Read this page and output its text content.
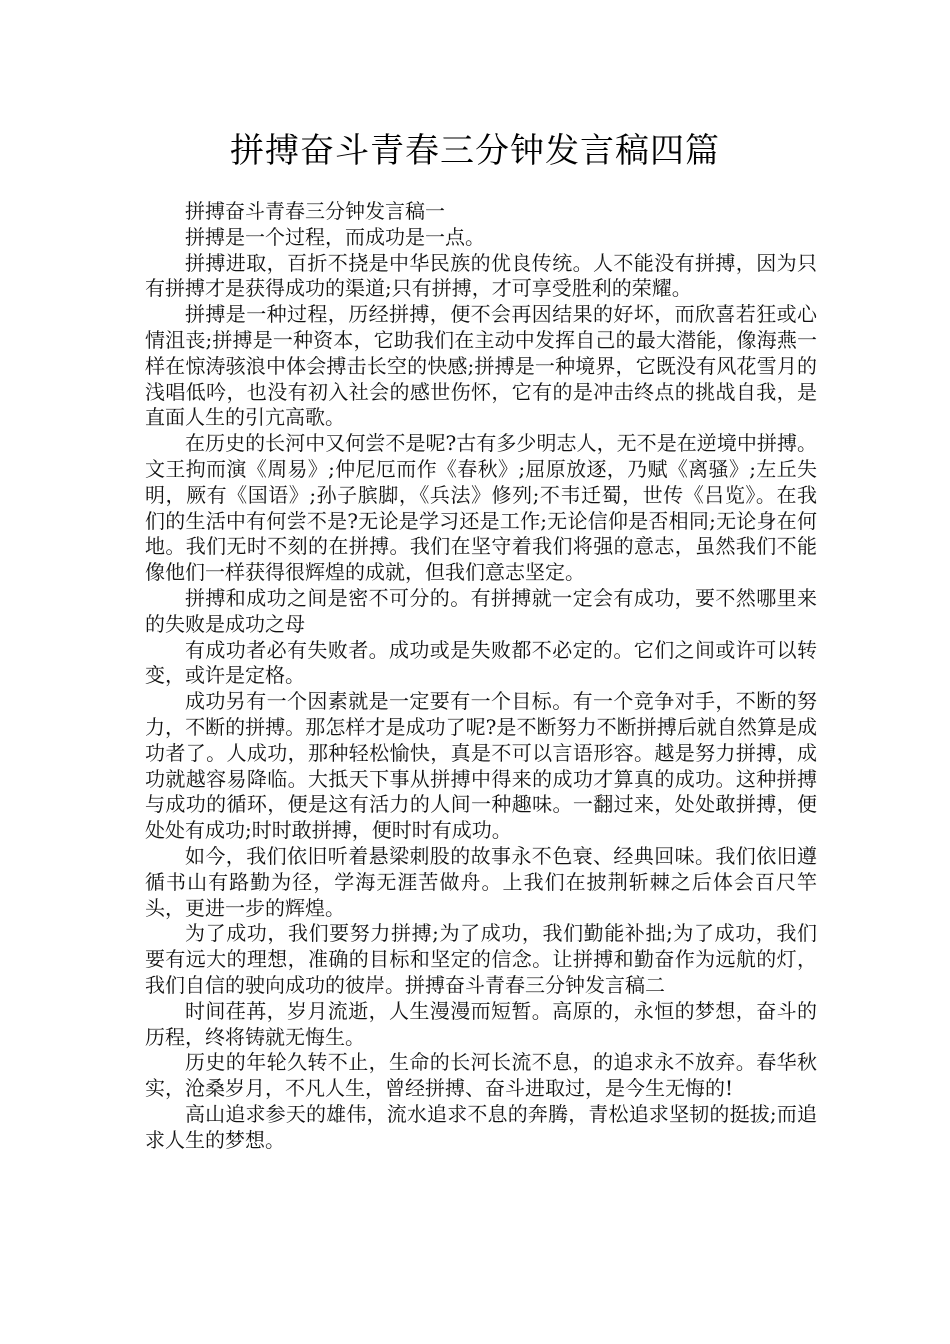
拼搏奋斗青春三分钟发言稿四篇

拼搏奋斗青春三分钟发言稿一

拼搏是一个过程，而成功是一点。

拼搏进取，百折不挠是中华民族的优良传统。人不能没有拼搏，因为只有拼搏才是获得成功的渠道;只有拼搏，才可享受胜利的荣耀。

拼搏是一种过程，历经拼搏，便不会再因结果的好坏，而欣喜若狂或心情沮丧;拼搏是一种资本，它助我们在主动中发挥自己的最大潜能，像海燕一样在惊涛骇浪中体会搏击长空的快感;拼搏是一种境界，它既没有风花雪月的浅唱低吟，也没有初入社会的感世伤怀，它有的是冲击终点的挑战自我，是直面人生的引亢高歌。

在历史的长河中又何尝不是呢?古有多少明志人，无不是在逆境中拼搏。文王拘而演《周易》;仲尼厄而作《春秋》;屈原放逐，乃赋《离骚》;左丘失明，厥有《国语》;孙子膑脚，《兵法》修列;不韦迁蜀，世传《吕览》。在我们的生活中有何尝不是?无论是学习还是工作;无论信仰是否相同;无论身在何地。我们无时不刻的在拼搏。我们在坚守着我们将强的意志，虽然我们不能像他们一样获得很辉煌的成就，但我们意志坚定。

拼搏和成功之间是密不可分的。有拼搏就一定会有成功，要不然哪里来的失败是成功之母

有成功者必有失败者。成功或是失败都不必定的。它们之间或许可以转变，或许是定格。

成功另有一个因素就是一定要有一个目标。有一个竞争对手，不断的努力，不断的拼搏。那怎样才是成功了呢?是不断努力不断拼搏后就自然算是成功者了。人成功，那种轻松愉快，真是不可以言语形容。越是努力拼搏，成功就越容易降临。大抵天下事从拼搏中得来的成功才算真的成功。这种拼搏与成功的循环，便是这有活力的人间一种趣味。一翻过来，处处敢拼搏，便处处有成功;时时敢拼搏，便时时有成功。

如今，我们依旧听着悬梁刺股的故事永不色衰、经典回味。我们依旧遵循书山有路勤为径，学海无涯苦做舟。上我们在披荆斩棘之后体会百尺竿头，更进一步的辉煌。

为了成功，我们要努力拼搏;为了成功，我们勤能补拙;为了成功，我们要有远大的理想，准确的目标和坚定的信念。让拼搏和勤奋作为远航的灯，我们自信的驶向成功的彼岸。拼搏奋斗青春三分钟发言稿二

时间荏苒，岁月流逝，人生漫漫而短暂。高原的，永恒的梦想，奋斗的历程，终将铸就无悔生。

历史的年轮久转不止，生命的长河长流不息，的追求永不放弃。春华秋实，沧桑岁月，不凡人生，曾经拼搏、奋斗进取过，是今生无悔的!

高山追求参天的雄伟，流水追求不息的奔腾，青松追求坚韧的挺拔;而追求人生的梦想。
